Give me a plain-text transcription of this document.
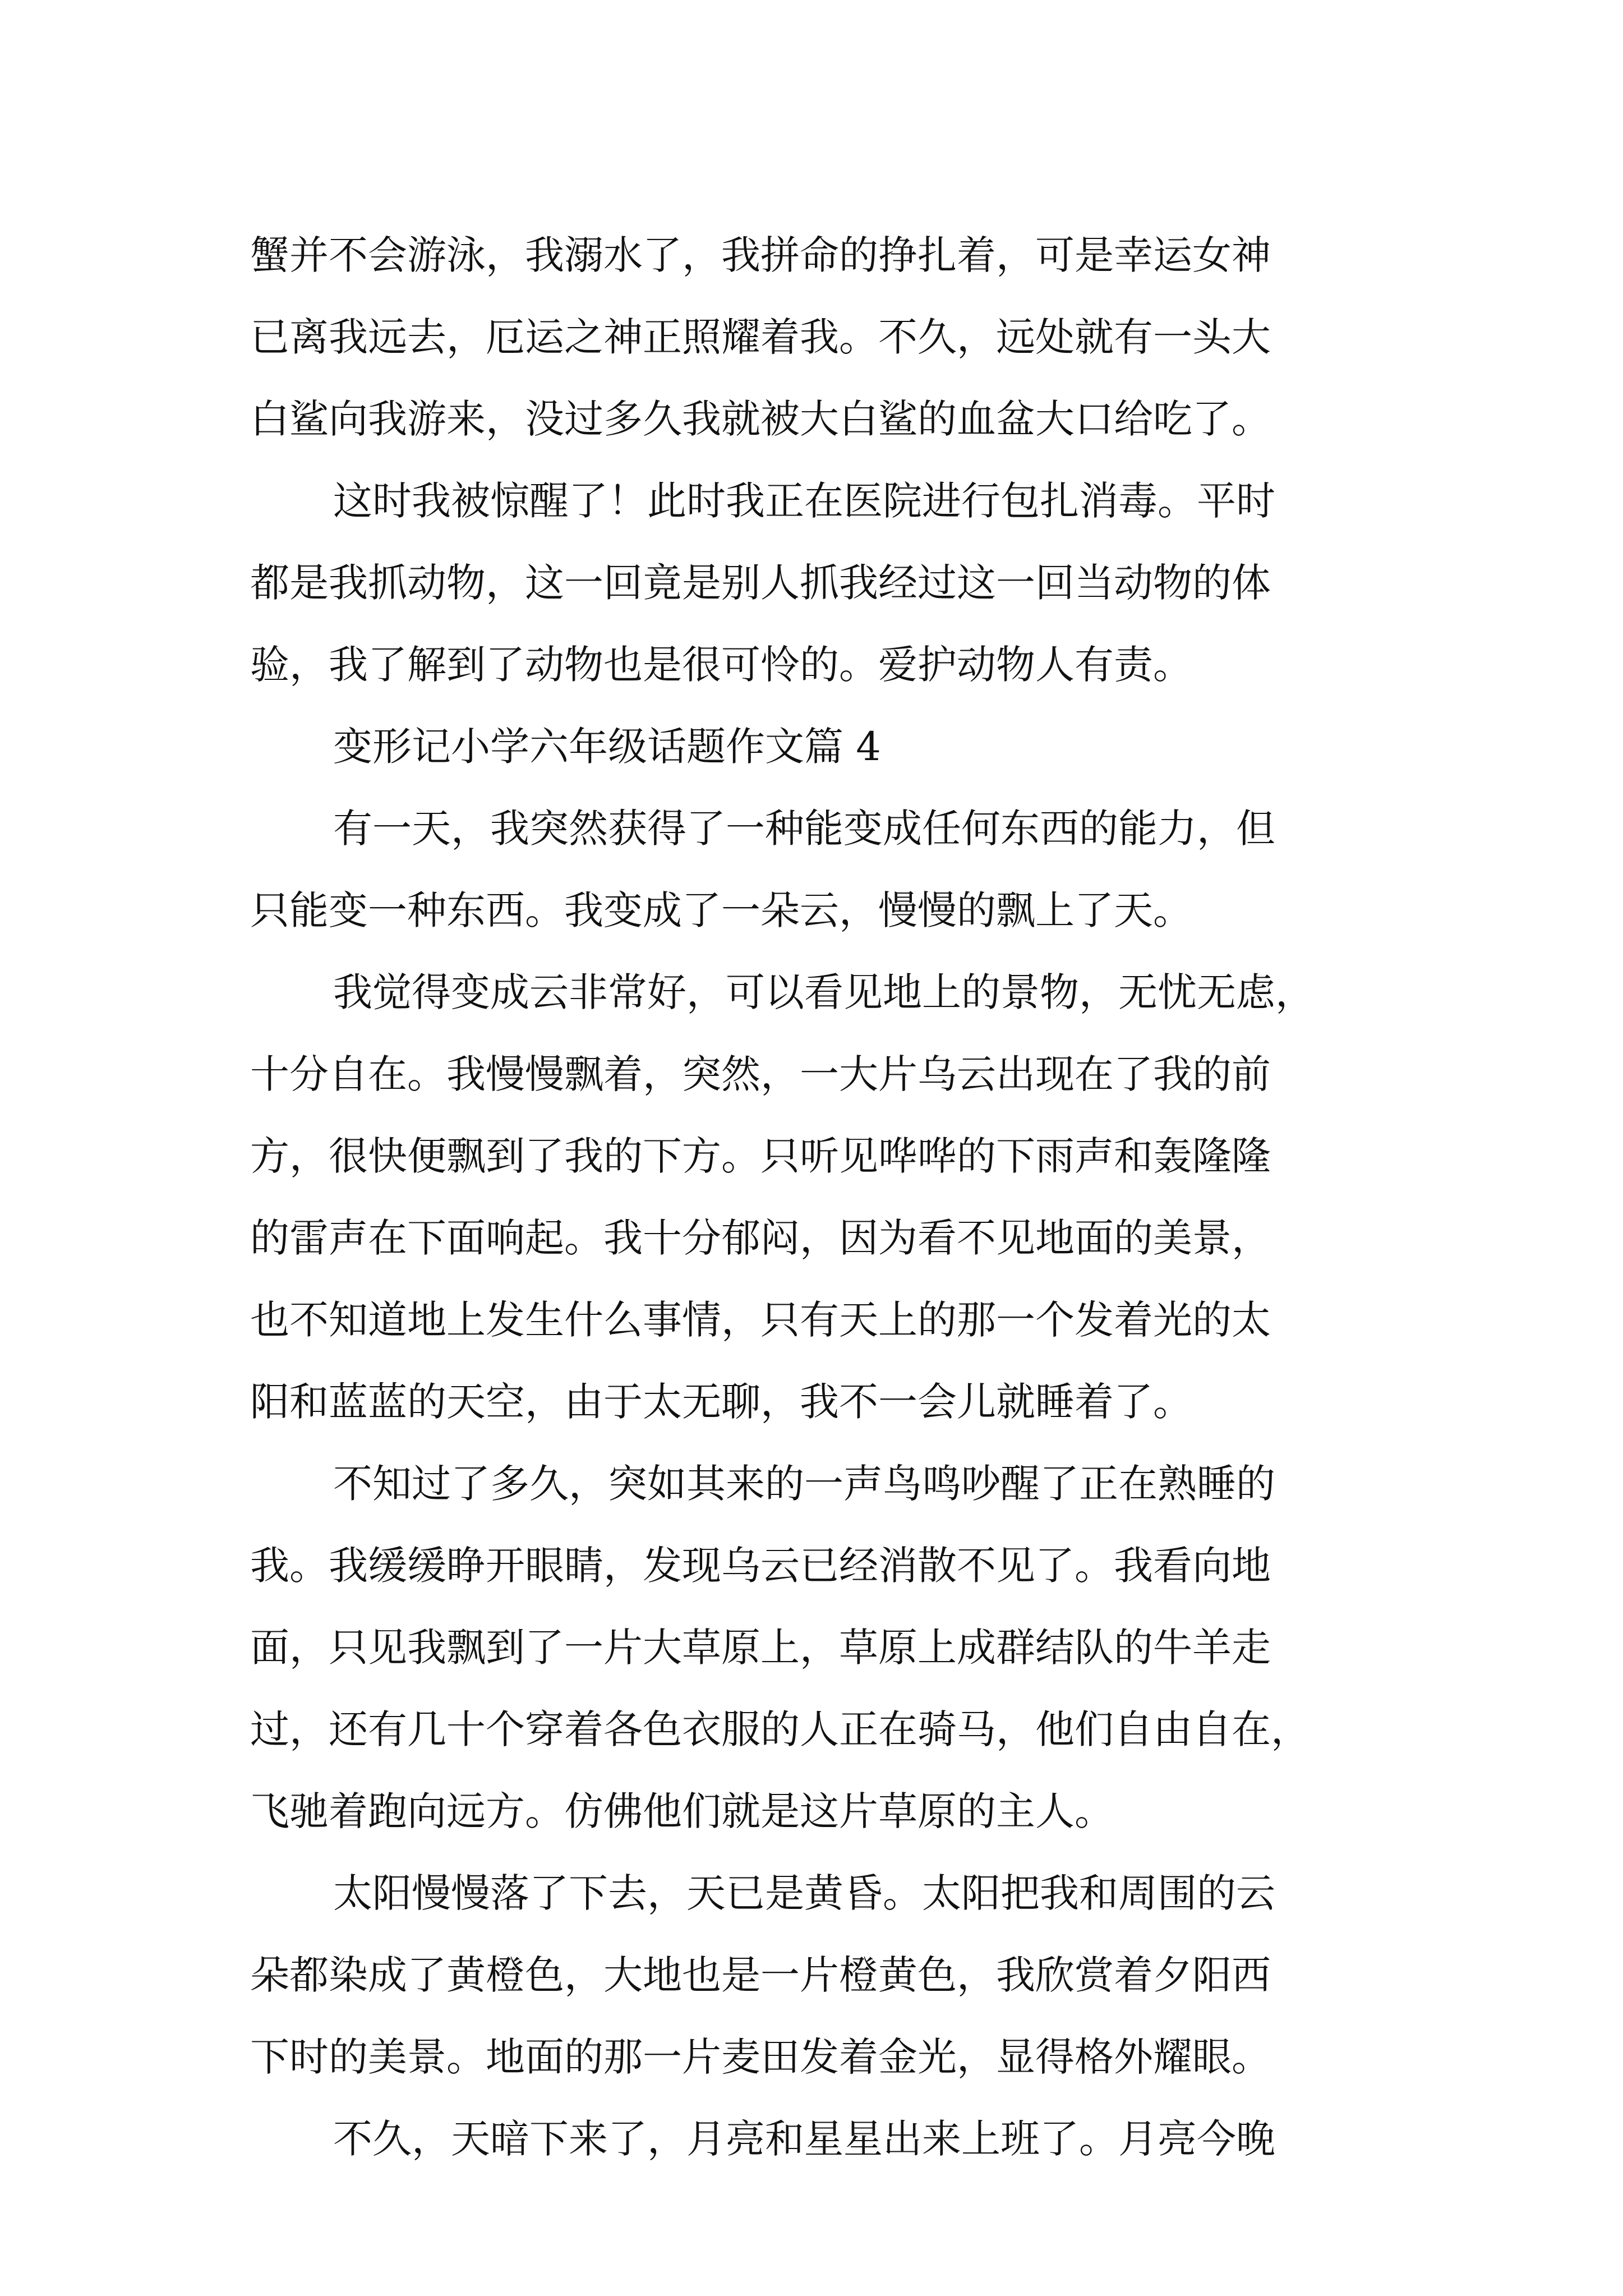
蟹并不会游泳，我溺水了，我拼命的挣扎着，可是幸运女神
已离我远去，厄运之神正照耀着我。不久，远处就有一头大
白鲨向我游来，没过多久我就被大白鲨的血盆大口给吃了。
这时我被惊醒了！此时我正在医院进行包扎消毒。平时
都是我抓动物，这一回竟是别人抓我经过这一回当动物的体
验，我了解到了动物也是很可怜的。爱护动物人有责。
变形记小学六年级话题作文篇 4
有一天，我突然获得了一种能变成任何东西的能力，但
只能变一种东西。我变成了一朵云，慢慢的飘上了天。
我觉得变成云非常好，可以看见地上的景物，无忧无虑，
十分自在。我慢慢飘着，突然，一大片乌云出现在了我的前
方，很快便飘到了我的下方。只听见哗哗的下雨声和轰隆隆
的雷声在下面响起。我十分郁闷，因为看不见地面的美景，
也不知道地上发生什么事情，只有天上的那一个发着光的太
阳和蓝蓝的天空，由于太无聊，我不一会儿就睡着了。
不知过了多久，突如其来的一声鸟鸣吵醒了正在熟睡的
我。我缓缓睁开眼睛，发现乌云已经消散不见了。我看向地
面，只见我飘到了一片大草原上，草原上成群结队的牛羊走
过，还有几十个穿着各色衣服的人正在骑马，他们自由自在，
飞驰着跑向远方。仿佛他们就是这片草原的主人。
太阳慢慢落了下去，天已是黄昏。太阳把我和周围的云
朵都染成了黄橙色，大地也是一片橙黄色，我欣赏着夕阳西
下时的美景。地面的那一片麦田发着金光，显得格外耀眼。
不久，天暗下来了，月亮和星星出来上班了。月亮今晚
